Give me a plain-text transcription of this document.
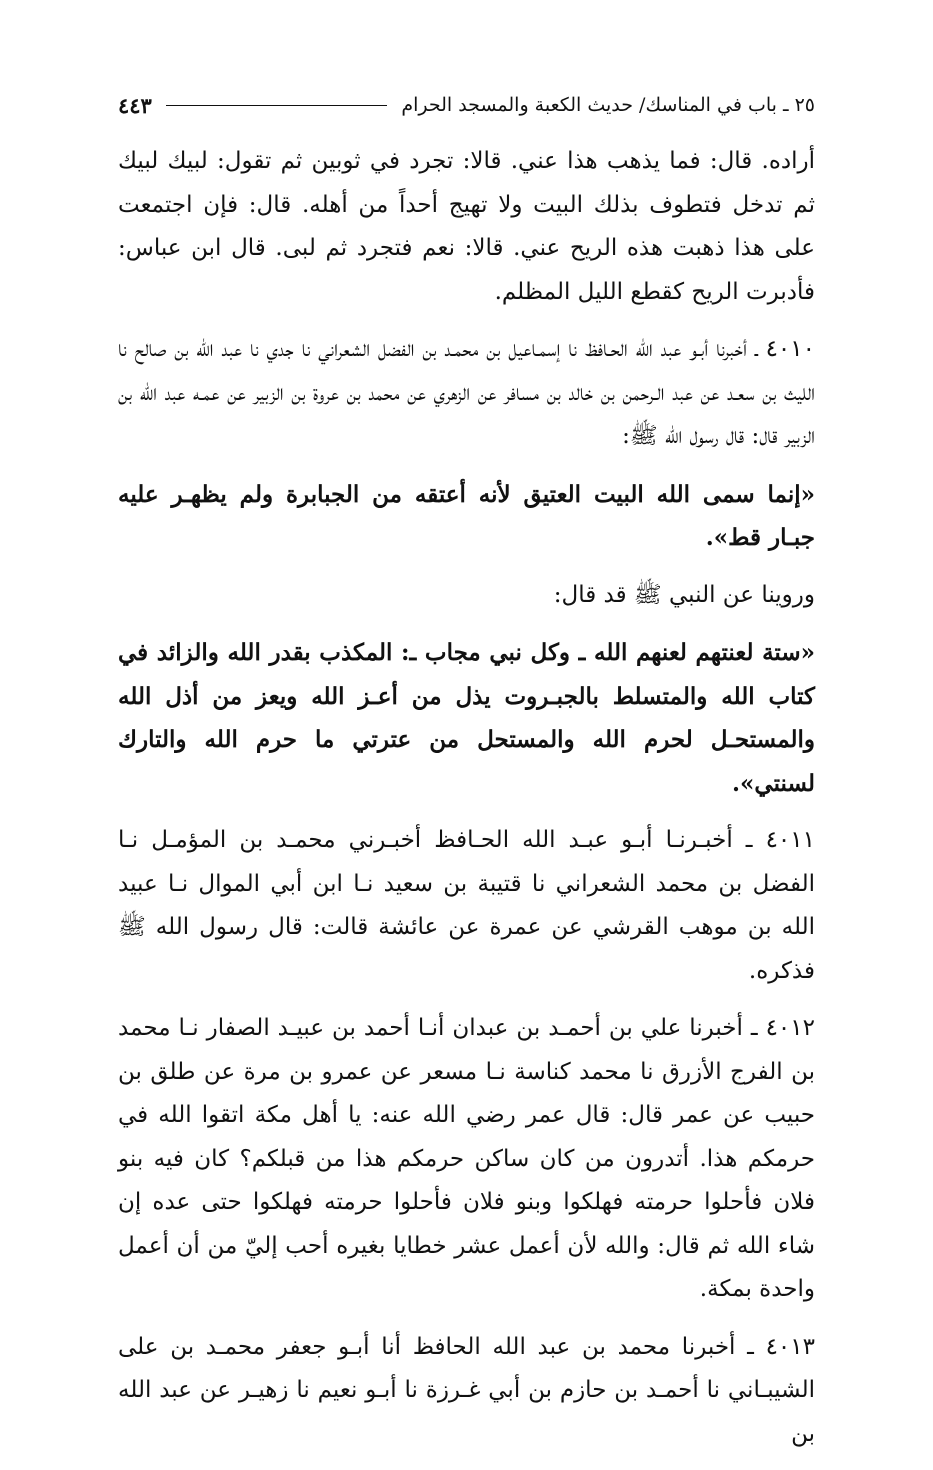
٢٥ ـ باب في المناسك/ حديث الكعبة والمسجد الحرام
٤٤٣

أراده. قال: فما يذهب هذا عني. قالا: تجرد في ثوبين ثم تقول: لبيك لبيك ثم تدخل فتطوف بذلك البيت ولا تهيج أحداً من أهله. قال: فإن اجتمعت على هذا ذهبت هذه الريح عني. قالا: نعم فتجرد ثم لبى. قال ابن عباس: فأدبرت الريح كقطع الليل المظلم.

٤٠١٠ ـ أخبرنا أبـو عبد الله الحـافظ نا إسمـاعيل بن محمـد بن الفضل الشعراني نا جدي نا عبد الله بن صالح نا الليث بن سعـد عن عبد الـرحمن بن خالد بن مسافر عن الزهري عن محمد بن عروة بن الزبير عن عمـه عبد الله بن الزبير قال: قال رسول الله ﷺ:

«إنما سمى الله البيت العتيق لأنه أعتقه من الجبابرة ولم يظهـر عليه جبـار قط».

وروينا عن النبي ﷺ قد قال:

«ستة لعنتهم لعنهم الله ـ وكل نبي مجاب ـ: المكذب بقدر الله والزائد في كتاب الله والمتسلط بالجبـروت يذل من أعـز الله ويعز من أذل الله والمستحـل لحرم الله والمستحل من عترتي ما حرم الله والتارك لسنتي».

٤٠١١ ـ أخبـرنـا أبـو عبـد الله الحـافظ أخبـرني محمـد بن المؤمـل نـا الفضل بن محمد الشعراني نا قتيبة بن سعيد نـا ابن أبي الموال نـا عبيد الله بن موهب القرشي عن عمرة عن عائشة قالت: قال رسول الله ﷺ فذكره.

٤٠١٢ ـ أخبرنا علي بن أحمـد بن عبدان أنـا أحمد بن عبيـد الصفار نـا محمد بن الفرج الأزرق نا محمد كناسة نـا مسعر عن عمرو بن مرة عن طلق بن حبيب عن عمر قال: قال عمر رضي الله عنه: يا أهل مكة اتقوا الله في حرمكم هذا. أتدرون من كان ساكن حرمكم هذا من قبلكم؟ كان فيه بنو فلان فأحلوا حرمته فهلكوا وبنو فلان فأحلوا حرمته فهلكوا حتى عده إن شاء الله ثم قال: والله لأن أعمل عشر خطايا بغيره أحب إليّ من أن أعمل واحدة بمكة.

٤٠١٣ ـ أخبرنا محمد بن عبد الله الحافظ أنا أبـو جعفر محمـد بن على الشيبـاني نا أحمـد بن حازم بن أبي غـرزة نا أبـو نعيم نا زهيـر عن عبد الله بن
